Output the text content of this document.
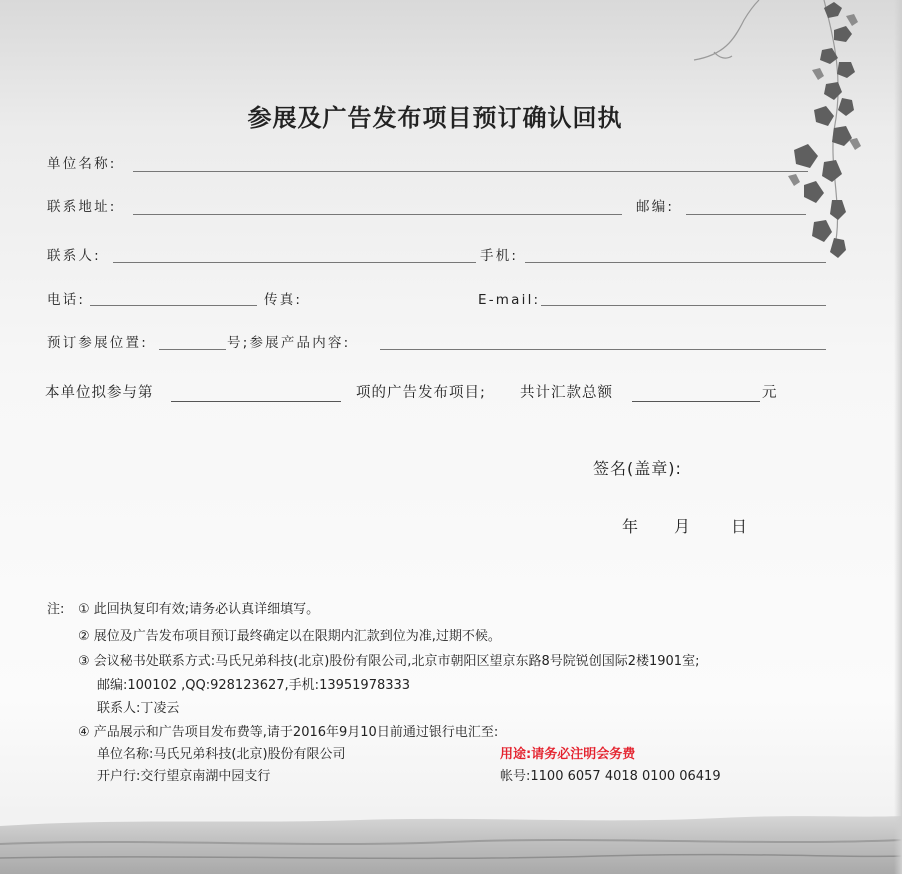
参展及广告发布项目预订确认回执
单位名称:
联系地址:	邮编:
联系人:	手机:
电话:	传真:	E-mail:
预订参展位置:	号;参展产品内容:
本单位拟参与第	项的广告发布项目; 共计汇款总额	元
签名(盖章):
年 月	日
注: ① 此回执复印有效;请务必认真详细填写。
② 展位及广告发布项目预订最终确定以在限期内汇款到位为准,过期不候。
③ 会议秘书处联系方式:马氏兄弟科技(北京)股份有限公司,北京市朝阳区望京东路8号院锐创国际2楼1901室;
邮编:100102 ,QQ:928123627,手机:13951978333
联系人:丁凌云
④ 产品展示和广告项目发布费等,请于2016年9月10日前通过银行电汇至:
单位名称:马氏兄弟科技(北京)股份有限公司	用途:请务必注明会务费
开户行:交行望京南湖中园支行	帐号:1100 6057 4018 0100 06419
